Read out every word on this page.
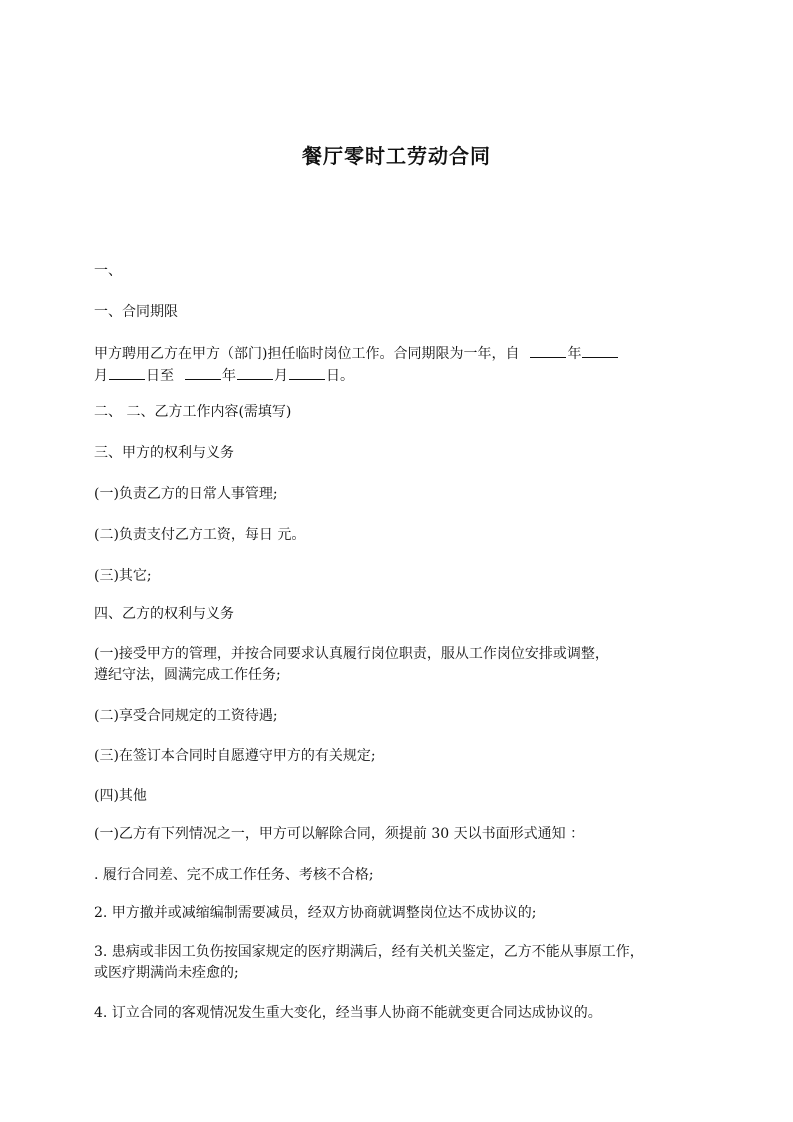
餐厅零时工劳动合同

一、

一、合同期限

甲方聘用乙方在甲方（部门)担任临时岗位工作。合同期限为一年，自	年
月	日至	年	月	日。

二、 二、乙方工作内容(需填写)

三、甲方的权利与义务

(一)负责乙方的日常人事管理;

(二)负责支付乙方工资，每日 元。

(三)其它;

四、乙方的权利与义务

(一)接受甲方的管理，并按合同要求认真履行岗位职责，服从工作岗位安排或调整，
遵纪守法，圆满完成工作任务;

(二)享受合同规定的工资待遇;

(三)在签订本合同时自愿遵守甲方的有关规定;

(四)其他

(一)乙方有下列情况之一，甲方可以解除合同，须提前 30 天以书面形式通知 ：

. 履行合同差、完不成工作任务、考核不合格;

2. 甲方撤并或减缩编制需要减员，经双方协商就调整岗位达不成协议的;

3. 患病或非因工负伤按国家规定的医疗期满后，经有关机关鉴定，乙方不能从事原工作，
或医疗期满尚未痊愈的;

4. 订立合同的客观情况发生重大变化，经当事人协商不能就变更合同达成协议的。
